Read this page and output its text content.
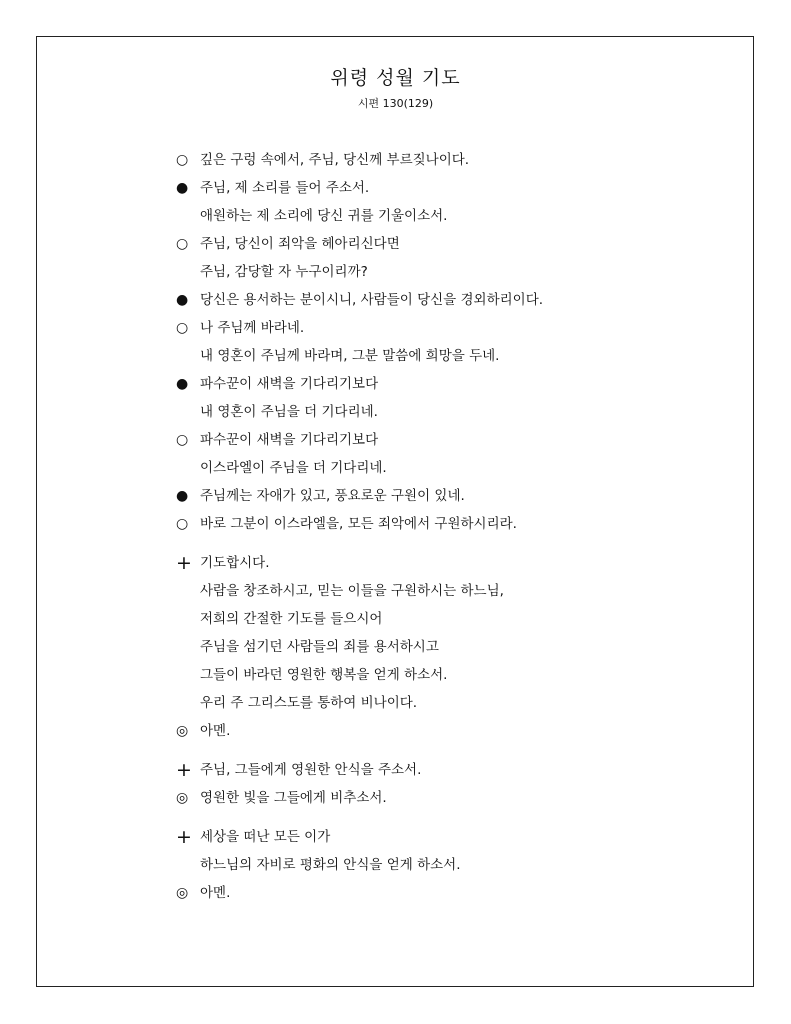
위령 성월 기도
시편 130(129)
○ 깊은 구렁 속에서, 주님, 당신께 부르짖나이다.
● 주님, 제 소리를 들어 주소서.
애원하는 제 소리에 당신 귀를 기울이소서.
○ 주님, 당신이 죄악을 헤아리신다면
주님, 감당할 자 누구이리까?
● 당신은 용서하는 분이시니, 사람들이 당신을 경외하리이다.
○ 나 주님께 바라네.
내 영혼이 주님께 바라며, 그분 말씀에 희망을 두네.
● 파수꾼이 새벽을 기다리기보다
내 영혼이 주님을 더 기다리네.
○ 파수꾼이 새벽을 기다리기보다
이스라엘이 주님을 더 기다리네.
● 주님께는 자애가 있고, 풍요로운 구원이 있네.
○ 바로 그분이 이스라엘을, 모든 죄악에서 구원하시리라.
+ 기도합시다.
사람을 창조하시고, 믿는 이들을 구원하시는 하느님,
저희의 간절한 기도를 들으시어
주님을 섬기던 사람들의 죄를 용서하시고
그들이 바라던 영원한 행복을 얻게 하소서.
우리 주 그리스도를 통하여 비나이다.
◎ 아멘.
+ 주님, 그들에게 영원한 안식을 주소서.
◎ 영원한 빛을 그들에게 비추소서.
+ 세상을 떠난 모든 이가
하느님의 자비로 평화의 안식을 얻게 하소서.
◎ 아멘.
